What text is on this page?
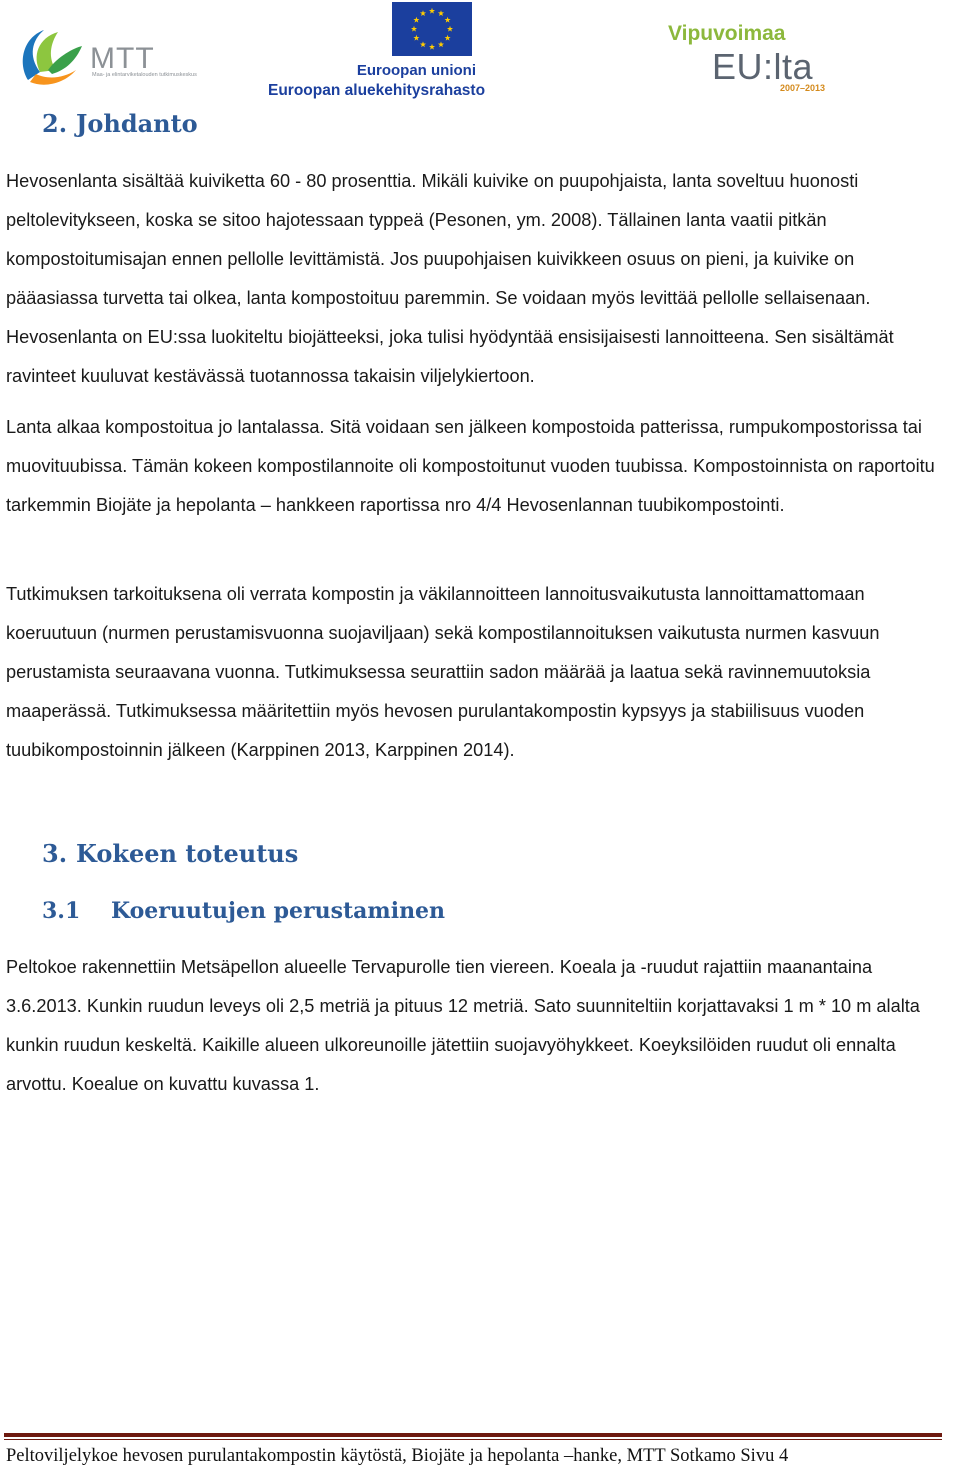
MTT
Maa- ja elintarviketalouden tutkimuskeskus	Euroopan unioni
Euroopan aluekehitysrahasto
Vipuvoimaa
EU:lta
2007–2013
2. Johdanto

Hevosenlanta sisältää kuiviketta 60 - 80 prosenttia. Mikäli kuivike on puupohjaista, lanta soveltuu huonosti peltolevitykseen, koska se sitoo hajotessaan typpeä (Pesonen, ym. 2008). Tällainen lanta vaatii pitkän kompostoitumisajan ennen pellolle levittämistä. Jos puupohjaisen kuivikkeen osuus on pieni, ja kuivike on pääasiassa turvetta tai olkea, lanta kompostoituu paremmin. Se voidaan myös levittää pellolle sellaisenaan. Hevosenlanta on EU:ssa luokiteltu biojätteeksi, joka tulisi hyödyntää ensisijaisesti lannoitteena. Sen sisältämät ravinteet kuuluvat kestävässä tuotannossa takaisin viljelykiertoon.

Lanta alkaa kompostoitua jo lantalassa. Sitä voidaan sen jälkeen kompostoida patterissa, rumpukompostorissa tai muovituubissa. Tämän kokeen kompostilannoite oli kompostoitunut vuoden tuubissa. Kompostoinnista on raportoitu tarkemmin Biojäte ja hepolanta – hankkeen raportissa nro 4/4 Hevosenlannan tuubikompostointi.

Tutkimuksen tarkoituksena oli verrata kompostin ja väkilannoitteen lannoitusvaikutusta lannoittamattomaan koeruutuun (nurmen perustamisvuonna suojaviljaan) sekä kompostilannoituksen vaikutusta nurmen kasvuun perustamista seuraavana vuonna. Tutkimuksessa seurattiin sadon määrää ja laatua sekä ravinnemuutoksia maaperässä. Tutkimuksessa määritettiin myös hevosen purulantakompostin kypsyys ja stabiilisuus vuoden tuubikompostoinnin jälkeen (Karppinen 2013, Karppinen 2014).

3. Kokeen toteutus
3.1 Koeruutujen perustaminen

Peltokoe rakennettiin Metsäpellon alueelle Tervapurolle tien viereen. Koeala ja -ruudut rajattiin maanantaina 3.6.2013. Kunkin ruudun leveys oli 2,5 metriä ja pituus 12 metriä. Sato suunniteltiin korjattavaksi 1 m * 10 m alalta kunkin ruudun keskeltä. Kaikille alueen ulkoreunoille jätettiin suojavyöhykkeet. Koeyksilöiden ruudut oli ennalta arvottu. Koealue on kuvattu kuvassa 1.

Peltoviljelykoe hevosen purulantakompostin käytöstä, Biojäte ja hepolanta –hanke, MTT Sotkamo Sivu 4
